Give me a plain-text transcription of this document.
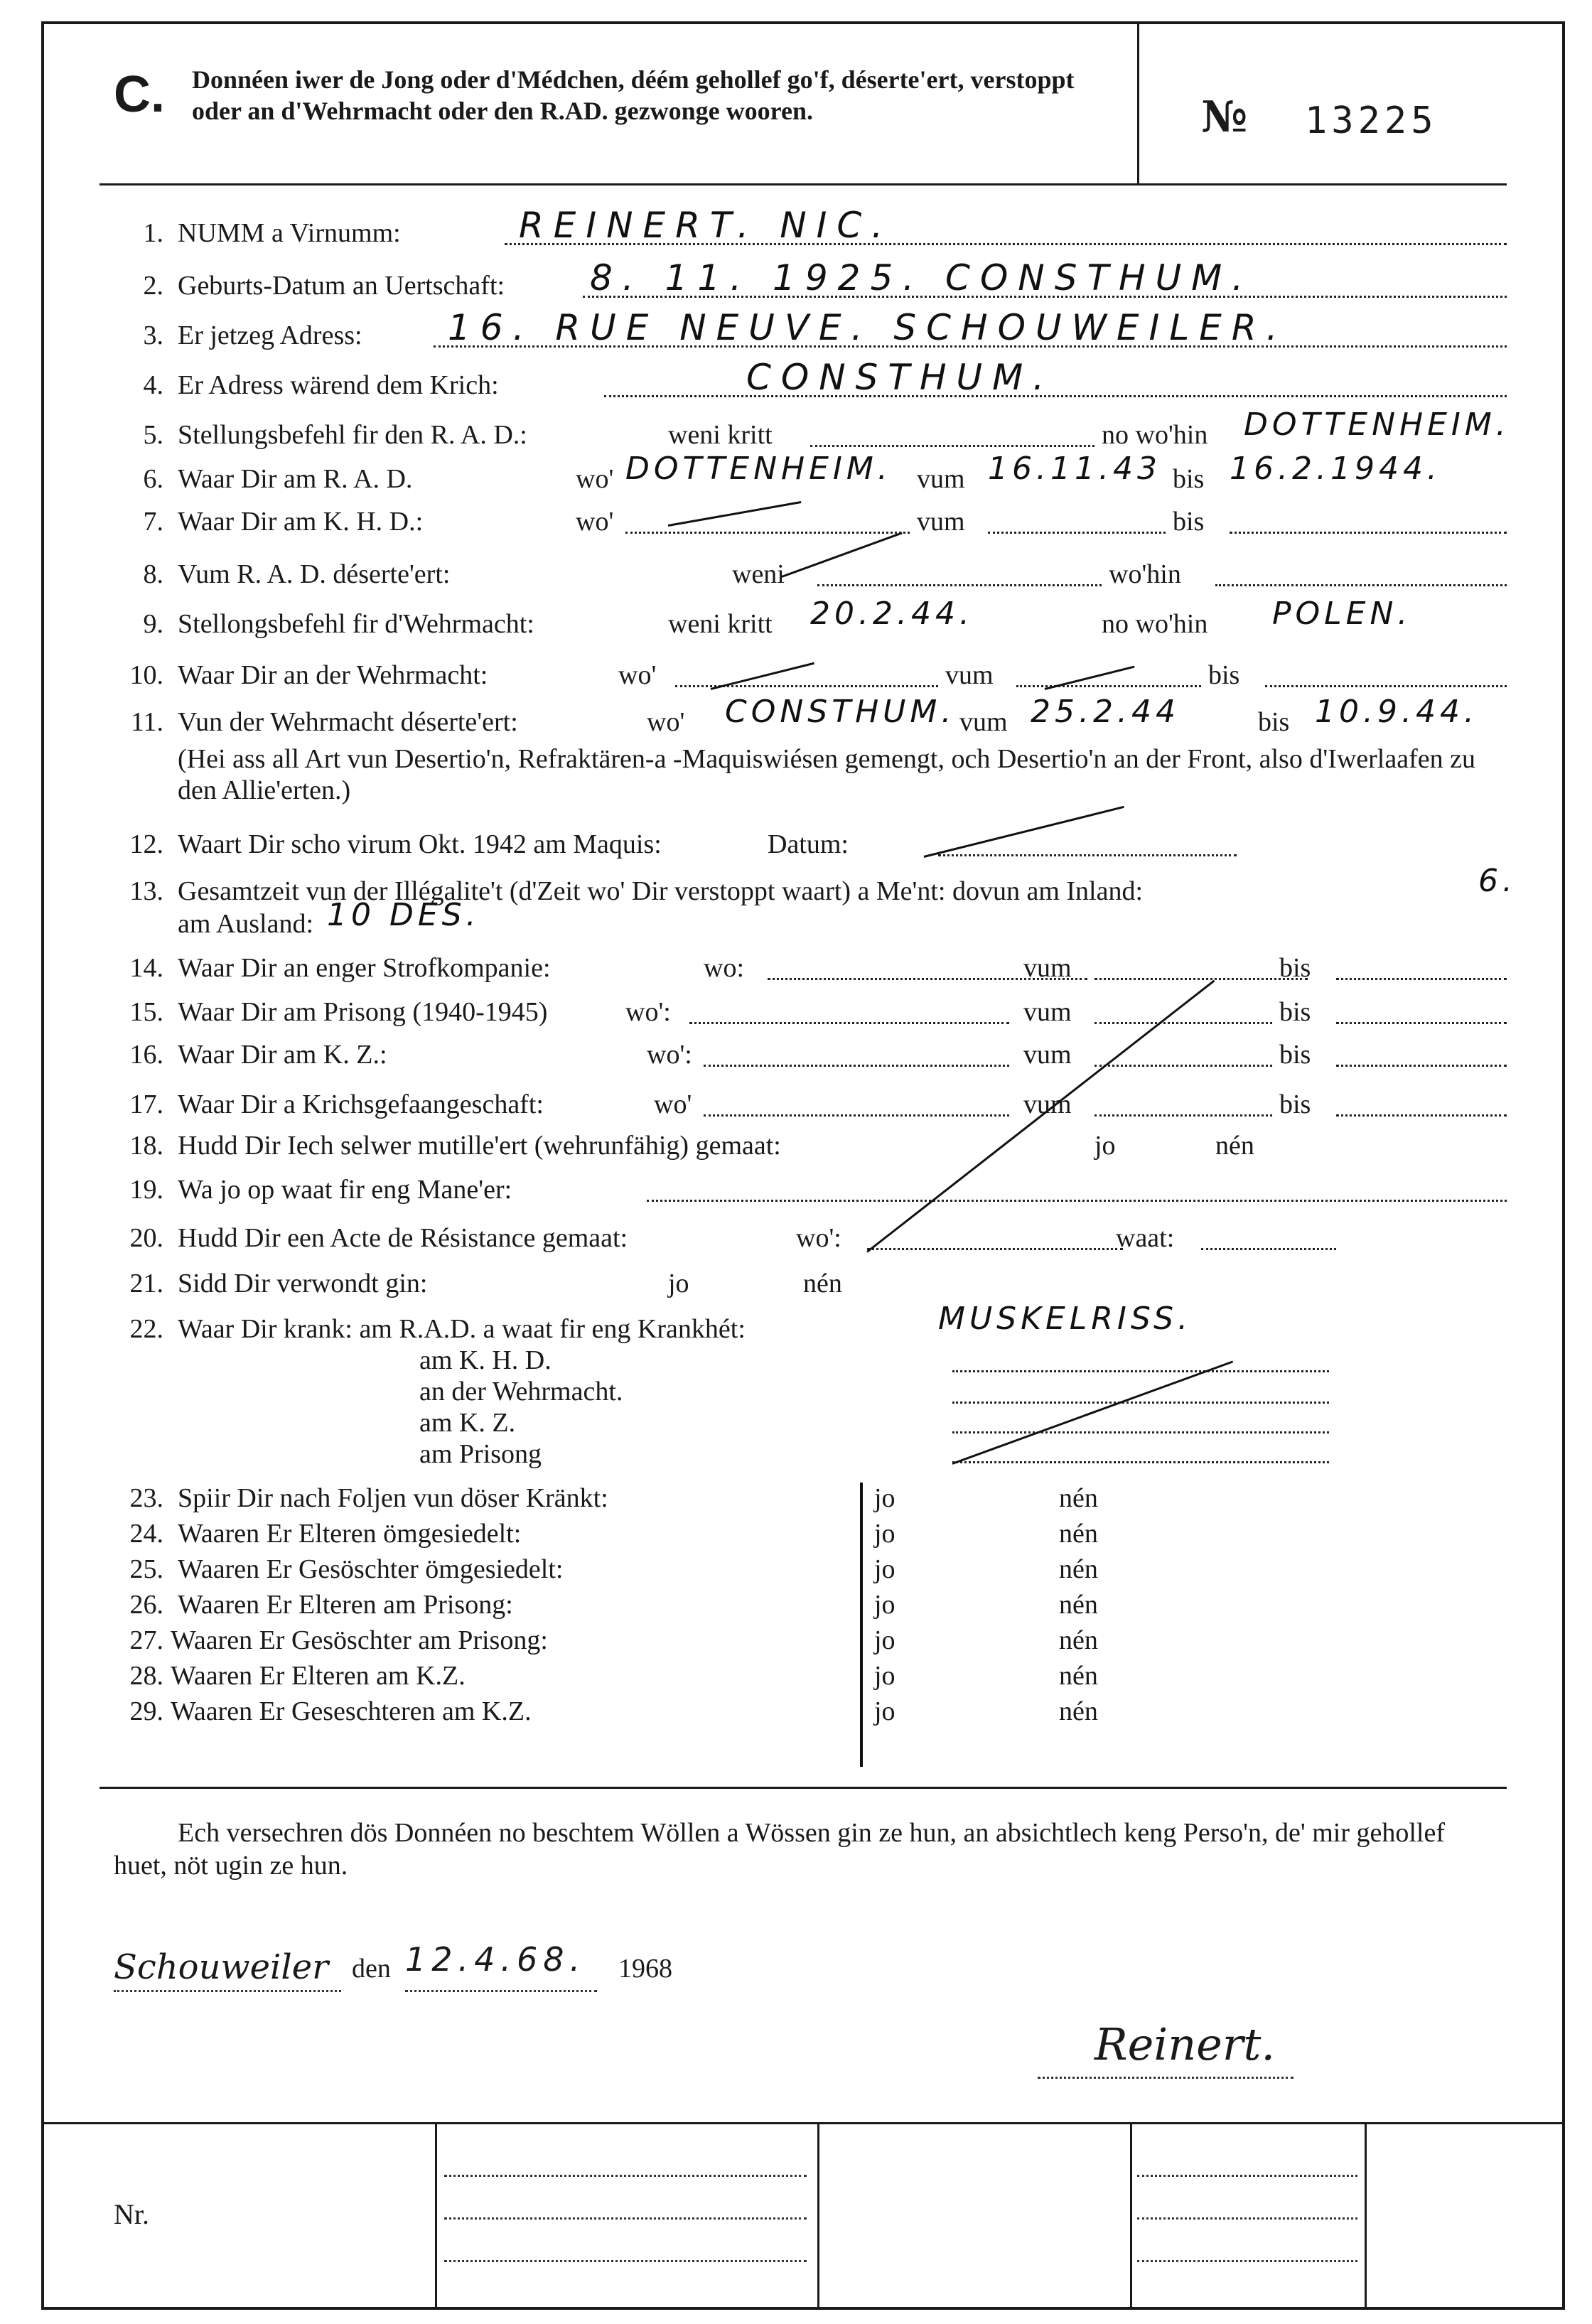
C. Donnéen iwer de Jong oder d'Médchen, déém gehollef go'f, déserte'ert, verstoppt oder an d'Wehrmacht oder den R.AD. gezwonge wooren.	№ 13225
1. NUMM a Virnumm:	REINERT. NIC.
2. Geburts-Datum an Uertschaft: 8. 11. 1925. CONSTHUM.
3. Er jetzeg Adress: 16. RUE NEUVE. SCHOUWEILER.
4. Er Adress wärend dem Krich:	CONSTHUM.
5. Stellungsbefehl fir den R. A. D.:	weni kritt	no wo'hin DOTTENHEIM.
6. Waar Dir am R. A. D.	wo' DOTTENHEIM. vum 16.11.43 bis 16.2.1944.
7. Waar Dir am K. H. D.:	wo'	vum	bis
8. Vum R. A. D. déserte'ert:	weni	wo'hin
9. Stellongsbefehl fir d'Wehrmacht:	weni kritt 20.2.44.	no wo'hin POLEN.
10. Waar Dir an der Wehrmacht:	wo'	vum	bis
11. Vun der Wehrmacht déserte'ert:	wo' CONSTHUM. vum 25.2.44	bis 10.9.44.
(Hei ass all Art vun Desertio'n, Refraktären-a -Maquiswiésen gemengt, och Desertio'n an der Front, also d'Iwerlaafen zu den Allie'erten.)
12. Waart Dir scho virum Okt. 1942 am Maquis:	Datum:
13. Gesamtzeit vun der Illégalite't (d'Zeit wo' Dir verstoppt waart) a Me'nt: dovun am Inland:	6.
am Ausland: 10 DES.
14. Waar Dir an enger Strofkompanie:	wo:	vum	bis
15. Waar Dir am Prisong (1940-1945)	wo':	vum	bis
16. Waar Dir am K. Z.:	wo':	vum	bis
17. Waar Dir a Krichsgefaangeschaft:	wo'	vum	bis
18. Hudd Dir Iech selwer mutille'ert (wehrunfähig) gemaat:	jo	nén
19. Wa jo op waat fir eng Mane'er:
20. Hudd Dir een Acte de Résistance gemaat:	wo':	waat:
21. Sidd Dir verwondt gin:	jo	nén
22. Waar Dir krank: am R.A.D. a waat fir eng Krankhét:	MUSKELRISS.
am K. H. D.
an der Wehrmacht.
am K. Z.
am Prisong
23. Spiir Dir nach Foljen vun döser Kränkt:	jo	nén
24. Waaren Er Elteren ömgesiedelt:	jo	nén
25. Waaren Er Gesöschter ömgesiedelt:	jo	nén
26. Waaren Er Elteren am Prisong:	jo	nén
27. Waaren Er Gesöschter am Prisong:	jo	nén
28. Waaren Er Elteren am K.Z.	jo	nén
29. Waaren Er Geseschteren am K.Z.	jo	nén
Ech versechren dös Donnéen no beschtem Wöllen a Wössen gin ze hun, an absichtlech keng Perso'n, de' mir gehollef huet, nöt ugin ze hun.
Schouweiler den 12.4.68. 1968
Reinert.
Nr.
